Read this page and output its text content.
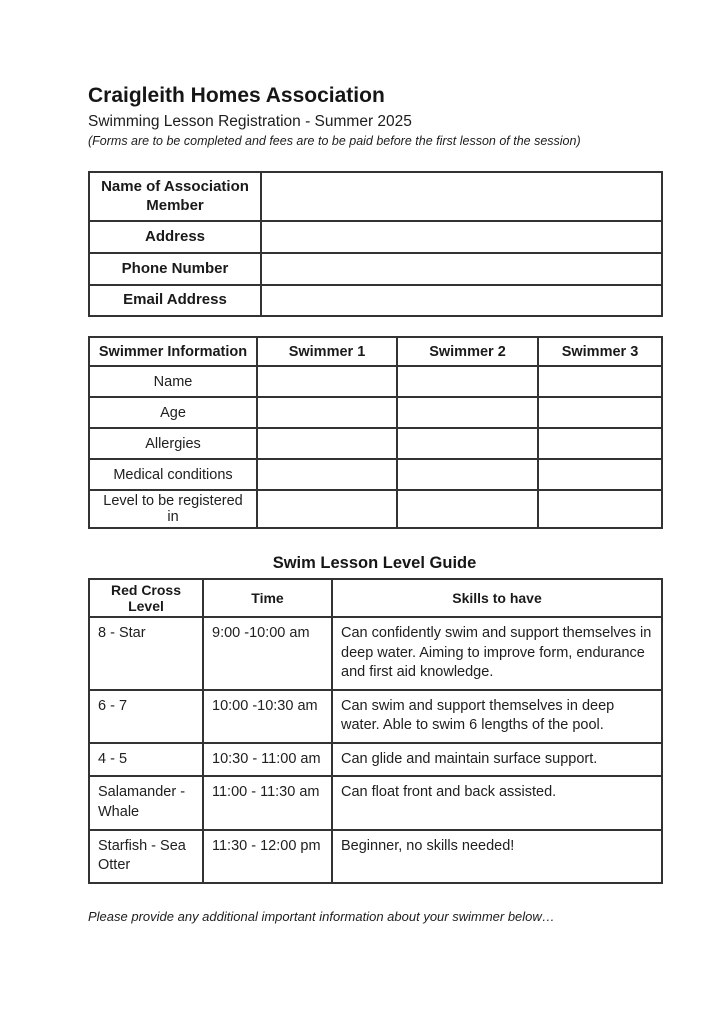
Craigleith Homes Association
Swimming Lesson Registration - Summer 2025
(Forms are to be completed and fees are to be paid before the first lesson of the session)
Name of Association Member	
Address	
Phone Number	
Email Address	
Swimmer Information	Swimmer 1	Swimmer 2	Swimmer 3
Name			
Age			
Allergies			
Medical conditions			
Level to be registered in			
Swim Lesson Level Guide
Red Cross Level	Time	Skills to have
8 - Star	9:00 -10:00 am	Can confidently swim and support themselves in deep water. Aiming to improve form, endurance and first aid knowledge.
6 - 7	10:00 -10:30 am	Can swim and support themselves in deep water. Able to swim 6 lengths of the pool.
4 - 5	10:30 - 11:00 am	Can glide and maintain surface support.
Salamander - Whale	11:00 - 11:30 am	Can float front and back assisted.
Starfish - Sea Otter	11:30 - 12:00 pm	Beginner, no skills needed!
Please provide any additional important information about your swimmer below…
